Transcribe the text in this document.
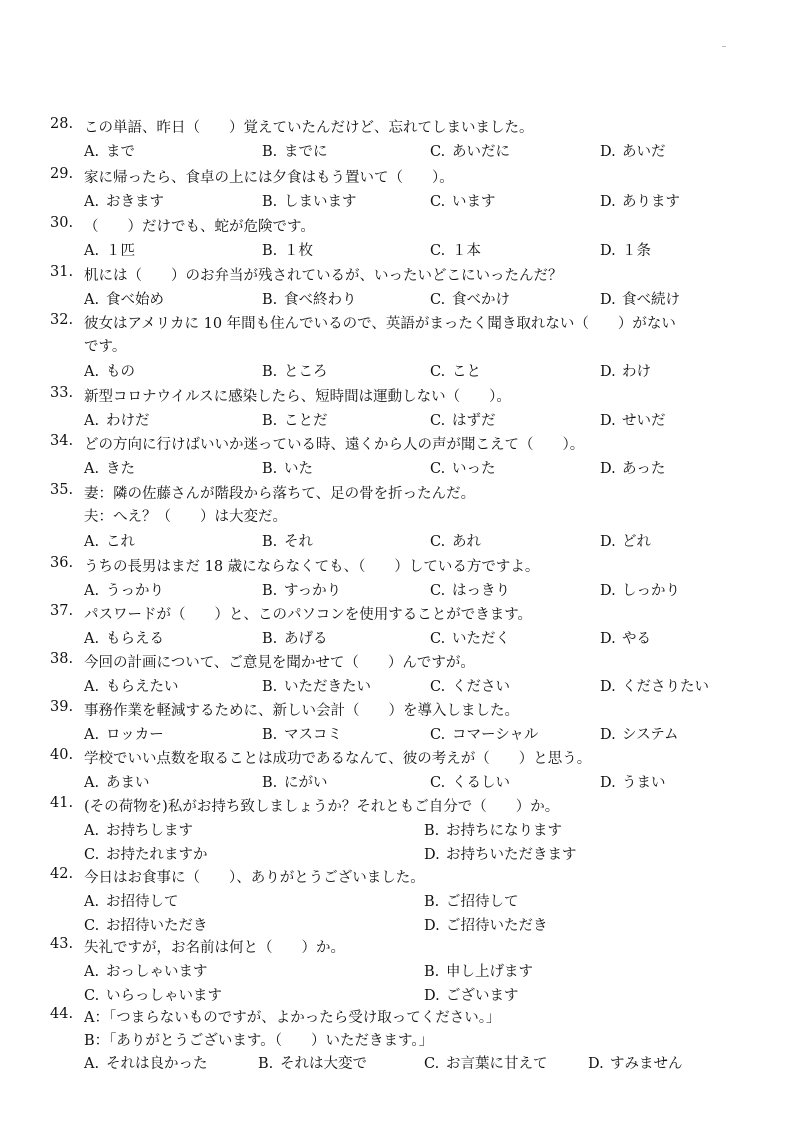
28. この単語、昨日（　　）覚えていたんだけど、忘れてしまいました。
A. まで	B. までに	C. あいだに	D. あいだ
29. 家に帰ったら、食卓の上には夕食はもう置いて（　　）。
A. おきます	B. しまいます	C. います	D. あります
30. （　　）だけでも、蛇が危険です。
A. １匹	B. １枚	C. １本	D. １条
31. 机には（　　）のお弁当が残されているが、いったいどこにいったんだ？
A. 食べ始め	B. 食べ終わり	C. 食べかけ	D. 食べ続け
32. 彼女はアメリカに 10 年間も住んでいるので、英語がまったく聞き取れない（　　）がない
です。
A. もの	B. ところ	C. こと	D. わけ
33. 新型コロナウイルスに感染したら、短時間は運動しない（　　）。
A. わけだ	B. ことだ	C. はずだ	D. せいだ
34. どの方向に行けばいいか迷っている時、遠くから人の声が聞こえて（　　）。
A. きた	B. いた	C. いった	D. あった
35. 妻：隣の佐藤さんが階段から落ちて、足の骨を折ったんだ。
夫：へえ？（　　）は大変だ。
A. これ	B. それ	C. あれ	D. どれ
36. うちの長男はまだ 18 歳にならなくても、（　　）している方ですよ。
A. うっかり	B. すっかり	C. はっきり	D. しっかり
37. パスワードが（　　）と、このパソコンを使用することができます。
A. もらえる	B. あげる	C. いただく	D. やる
38. 今回の計画について、ご意見を聞かせて（　　）んですが。
A. もらえたい	B. いただきたい	C. ください	D. くださりたい
39. 事務作業を軽減するために、新しい会計（　　）を導入しました。
A. ロッカー	B. マスコミ	C. コマーシャル	D. システム
40. 学校でいい点数を取ることは成功であるなんて、彼の考えが（　　）と思う。
A. あまい	B. にがい	C. くるしい	D. うまい
41. (その荷物を)私がお持ち致しましょうか？それともご自分で（　　）か。
A. お持ちします	B. お持ちになります
C. お持たれますか	D. お持ちいただきます
42. 今日はお食事に（　　）、ありがとうございました。
A. お招待して	B. ご招待して
C. お招待いただき	D. ご招待いただき
43. 失礼ですが，お名前は何と（　　）か。
A. おっしゃいます	B. 申し上げます
C. いらっしゃいます	D. ございます
44. A：「つまらないものですが、よかったら受け取ってください。」
B：「ありがとうございます。（　　）いただきます。」
A. それは良かった	B. それは大変で	C. お言葉に甘えて	D. すみません
